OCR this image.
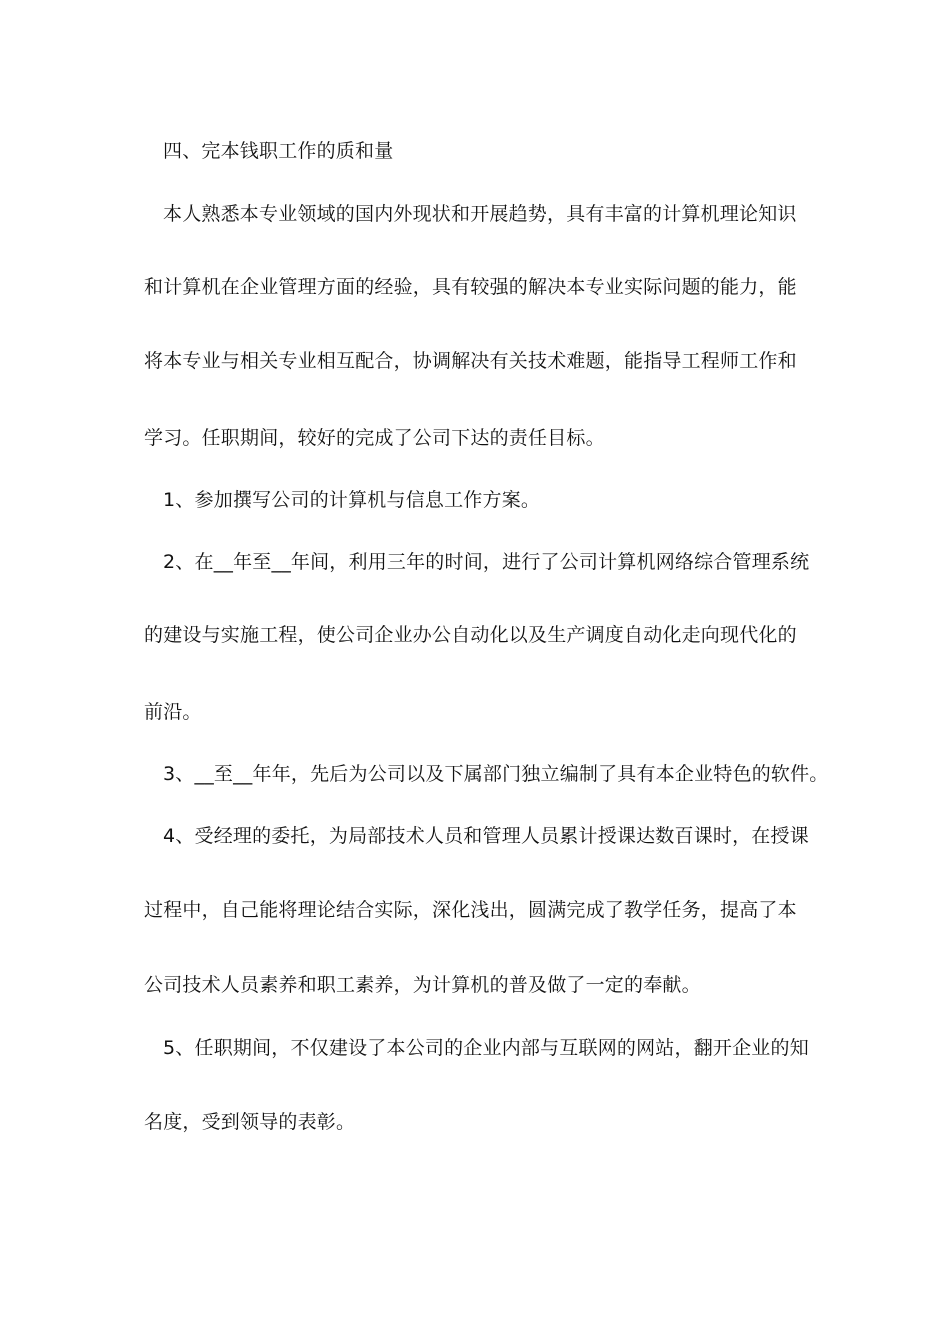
四、完本钱职工作的质和量

本人熟悉本专业领域的国内外现状和开展趋势，具有丰富的计算机理论知识

和计算机在企业管理方面的经验，具有较强的解决本专业实际问题的能力，能

将本专业与相关专业相互配合，协调解决有关技术难题，能指导工程师工作和

学习。任职期间，较好的完成了公司下达的责任目标。

1、参加撰写公司的计算机与信息工作方案。

2、在__年至__年间，利用三年的时间，进行了公司计算机网络综合管理系统

的建设与实施工程，使公司企业办公自动化以及生产调度自动化走向现代化的

前沿。

3、__至__年年，先后为公司以及下属部门独立编制了具有本企业特色的软件。

4、受经理的委托，为局部技术人员和管理人员累计授课达数百课时，在授课

过程中，自己能将理论结合实际，深化浅出，圆满完成了教学任务，提高了本

公司技术人员素养和职工素养，为计算机的普及做了一定的奉献。

5、任职期间，不仅建设了本公司的企业内部与互联网的网站，翻开企业的知

名度，受到领导的表彰。
